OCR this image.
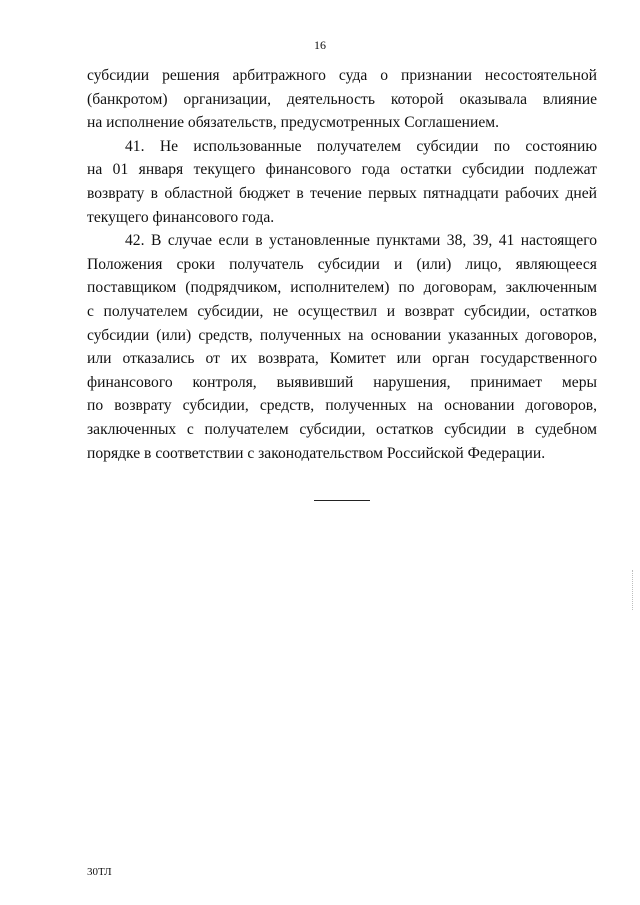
16
субсидии решения арбитражного суда о признании несостоятельной
(банкротом) организации, деятельность которой оказывала влияние
на исполнение обязательств, предусмотренных Соглашением.
41. Не использованные получателем субсидии по состоянию
на 01 января текущего финансового года остатки субсидии подлежат
возврату в областной бюджет в течение первых пятнадцати рабочих дней
текущего финансового года.
42. В случае если в установленные пунктами 38, 39, 41 настоящего
Положения сроки получатель субсидии и (или) лицо, являющееся
поставщиком (подрядчиком, исполнителем) по договорам, заключенным
с получателем субсидии, не осуществил и возврат субсидии, остатков
субсидии (или) средств, полученных на основании указанных договоров,
или отказались от их возврата, Комитет или орган государственного
финансового контроля, выявивший нарушения, принимает меры
по возврату субсидии, средств, полученных на основании договоров,
заключенных с получателем субсидии, остатков субсидии в судебном
порядке в соответствии с законодательством Российской Федерации.
30ТЛ
